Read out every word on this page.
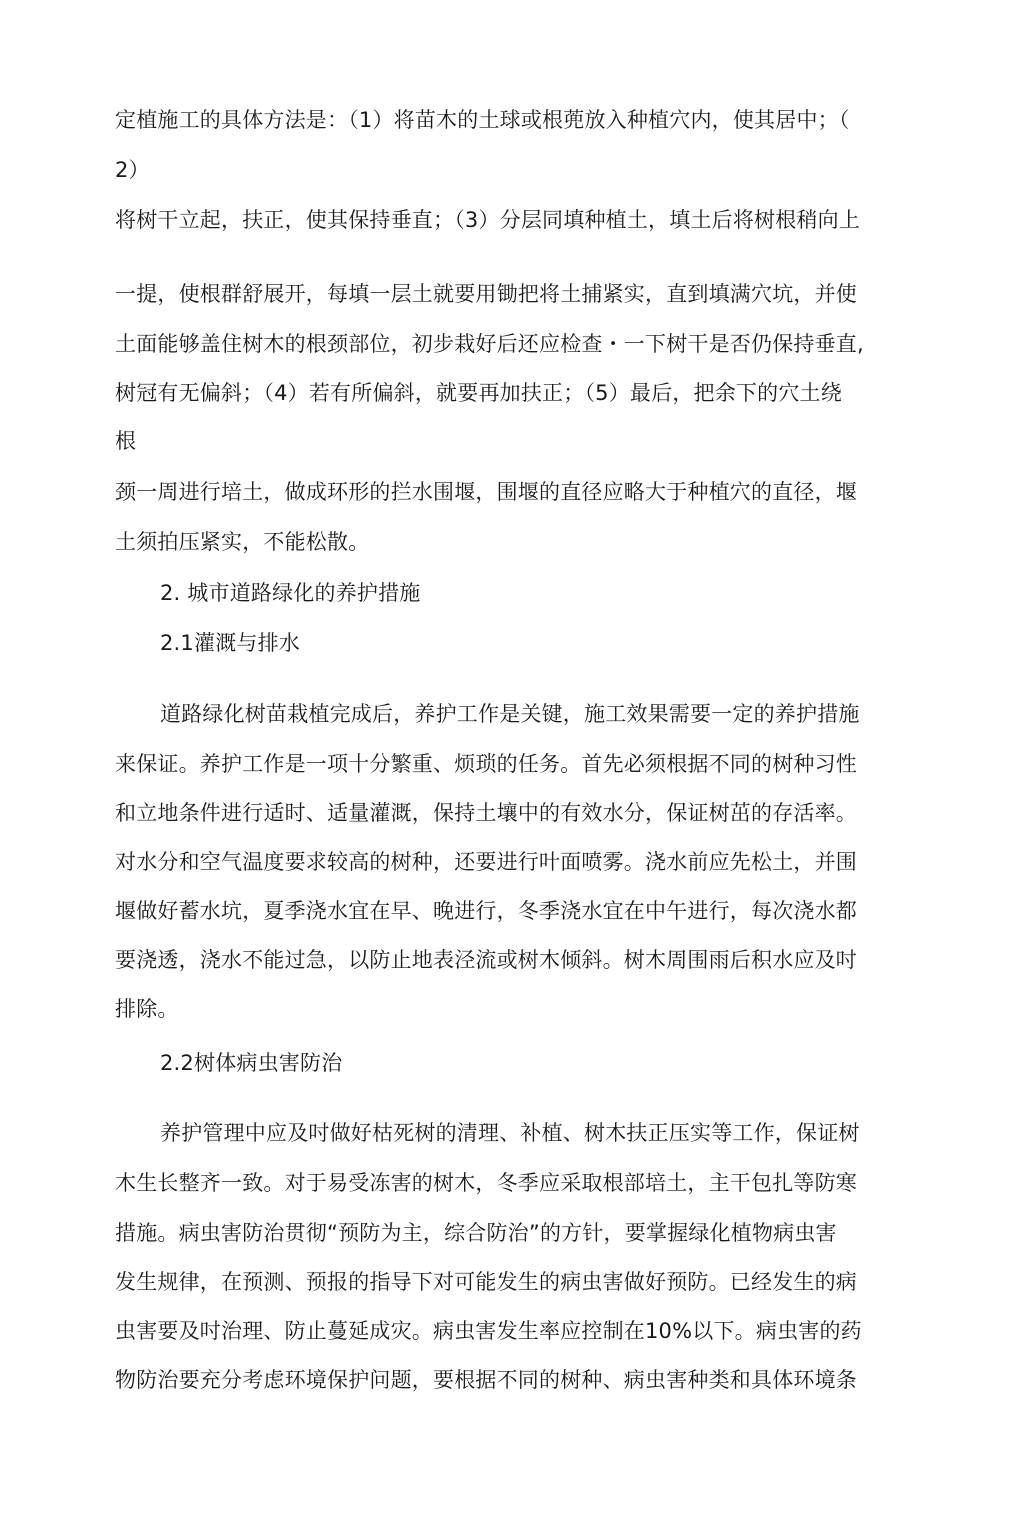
定植施工的具体方法是：（1）将苗木的土球或根蔸放入种植穴内，使其居中；（
2）
将树干立起，扶正，使其保持垂直；（3）分层同填种植土，填土后将树根稍向上
一提，使根群舒展开，每填一层土就要用锄把将土捕紧实，直到填满穴坑，并使
土面能够盖住树木的根颈部位，初步栽好后还应检查・一下树干是否仍保持垂直,
树冠有无偏斜；（4）若有所偏斜，就要再加扶正；（5）最后，把余下的穴土绕
根
颈一周进行培土，做成环形的拦水围堰，围堰的直径应略大于种植穴的直径，堰
土须拍压紧实，不能松散。
2. 城市道路绿化的养护措施
2.1灌溉与排水
道路绿化树苗栽植完成后，养护工作是关键，施工效果需要一定的养护措施
来保证。养护工作是一项十分繁重、烦琐的任务。首先必须根据不同的树种习性
和立地条件进行适时、适量灌溉，保持土壤中的有效水分，保证树茁的存活率。
对水分和空气温度要求较高的树种，还要进行叶面喷雾。浇水前应先松土，并围
堰做好蓄水坑，夏季浇水宜在早、晚进行，冬季浇水宜在中午进行，每次浇水都
要浇透，浇水不能过急，以防止地表泾流或树木倾斜。树木周围雨后积水应及吋
排除。
2.2树体病虫害防治
养护管理中应及吋做好枯死树的清理、补植、树木扶正压实等工作，保证树
木生长整齐一致。对于易受冻害的树木，冬季应采取根部培土，主干包扎等防寒
措施。病虫害防治贯彻“预防为主，综合防治”的方针，要掌握绿化植物病虫害
发生规律，在预测、预报的指导下对可能发生的病虫害做好预防。已经发生的病
虫害要及吋治理、防止蔓延成灾。病虫害发生率应控制在10%以下。病虫害的药
物防治要充分考虑环境保护问题，要根据不同的树种、病虫害种类和具体环境条
